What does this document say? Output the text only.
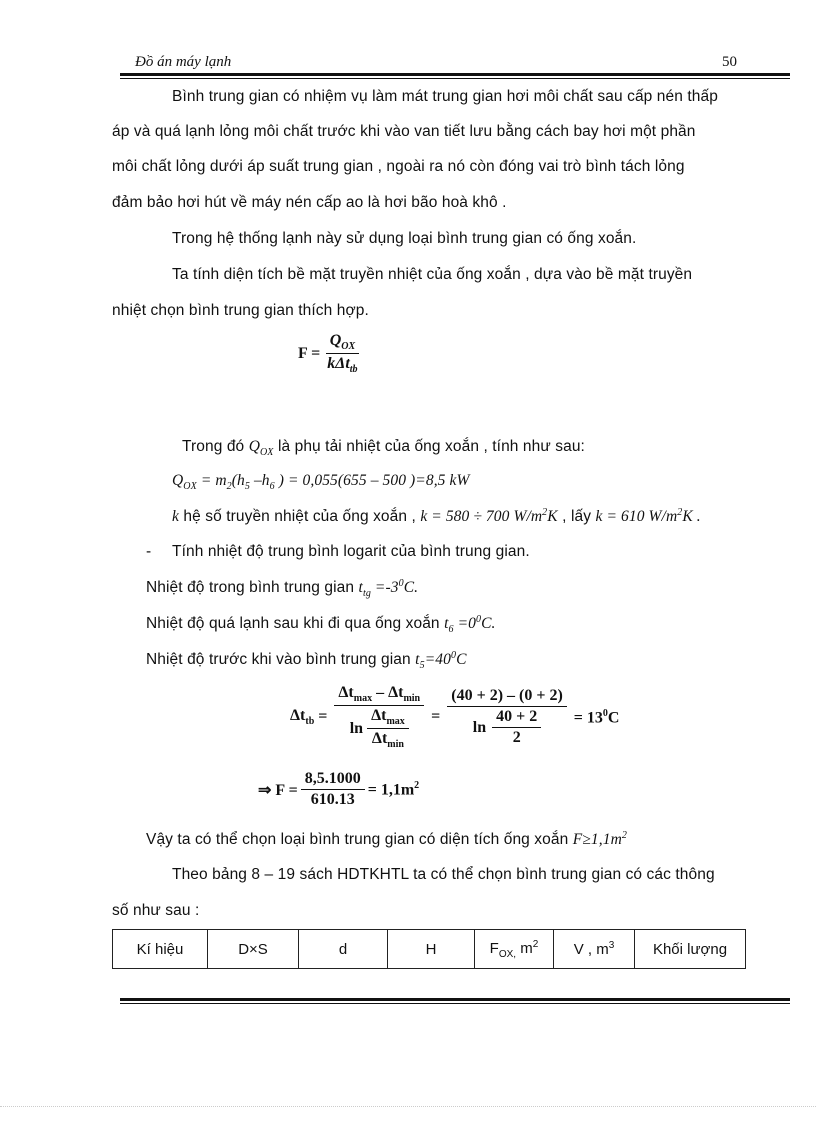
Đồ án máy lạnh	50
Bình trung gian có nhiệm vụ làm mát trung gian hơi môi chất sau cấp nén thấp
áp và quá lạnh lỏng môi chất trước khi vào van tiết lưu bằng cách bay hơi một phần
môi chất lỏng dưới áp suất trung gian , ngoài ra nó còn đóng vai trò bình tách lỏng
đảm bảo hơi hút về máy nén cấp ao là hơi bão hoà khô .
Trong hệ thống lạnh này sử dụng loại bình trung gian có ống xoắn.
Ta tính diện tích bề mặt truyền nhiệt của ống xoắn , dựa vào bề mặt truyền
nhiệt chọn bình trung gian thích hợp.
$F = \frac{Q_{OX}}{k\Delta t_{tb}}$
Trong đó $Q_{OX}$ là phụ tải nhiệt của ống xoắn , tính như sau:
$Q_{OX} = m_2(h_5$ $-h_6$ ) = 0,055(655 – 500 )=8,5 kW
k hệ số truyền nhiệt của ống xoắn , k = 580 ÷ 700 $W/m^2K$ , lấy k = 610 $W/m^2K$ .
- Tính nhiệt độ trung bình logarit của bình trung gian.
Nhiệt độ trong bình trung gian $t_{tg} =-3^0C$.
Nhiệt độ quá lạnh sau khi đi qua ống xoắn $t_6 =0^0C$.
Nhiệt độ trước khi vào bình trung gian $t_5=40^0C$
$\Delta t_{tb} = \frac{\Delta t_{max} - \Delta t_{min}}{\ln \frac{\Delta t_{max}}{\Delta t_{min}}} = \frac{(40 + 2) - (0 + 2)}{\ln \frac{40 + 2}{2}} = 13^0C$
⇒ $F = \frac{8,5.1000}{610.13} = 1,1m^2$
Vậy ta có thể chọn loại bình trung gian có diện tích ống xoắn $F\ge 1,1m^2$
Theo bảng 8 – 19 sách HDTKHTL ta có thể chọn bình trung gian có các thông
số như sau :
Kí hiệu	D×S	d	H	$F_{OX,}$ $m^2$	V , $m^3$	Khối lượng
